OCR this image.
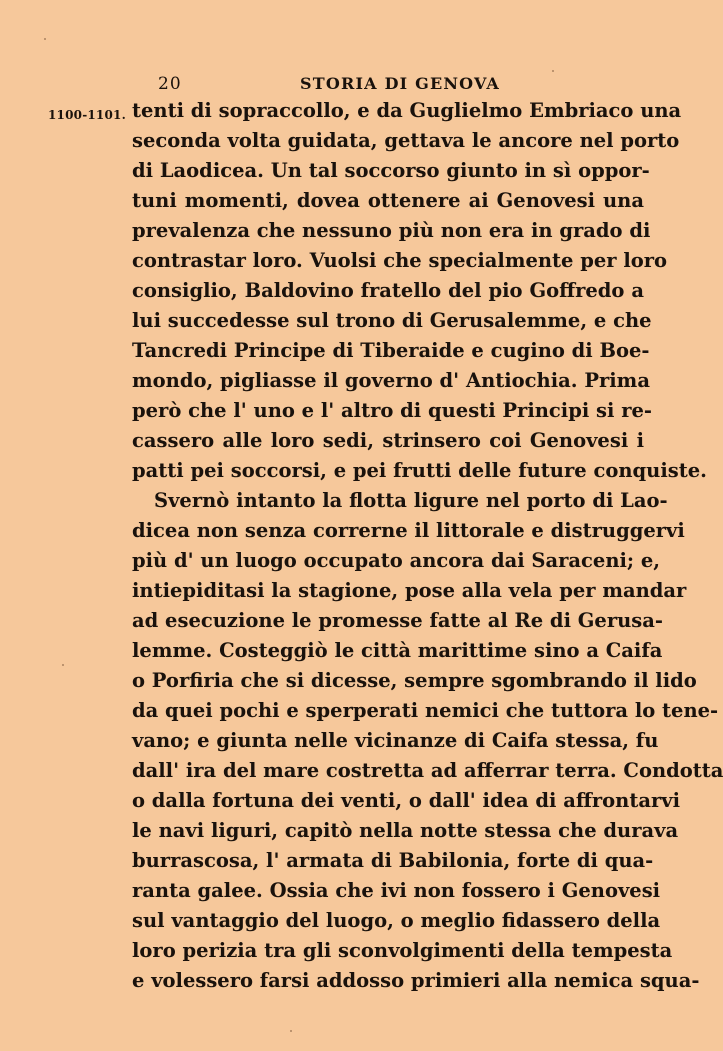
20	STORIA DI GENOVA
1100-1101. tenti di sopraccollo, e da Guglielmo Embriaco una
seconda volta guidata, gettava le ancore nel porto
di Laodicea. Un tal soccorso giunto in sì oppor-
tuni momenti, dovea ottenere ai Genovesi una
prevalenza che nessuno più non era in grado di
contrastar loro. Vuolsi che specialmente per loro
consiglio, Baldovino fratello del pio Goffredo a
lui succedesse sul trono di Gerusalemme, e che
Tancredi Principe di Tiberaide e cugino di Boe-
mondo, pigliasse il governo d' Antiochia. Prima
però che l' uno e l' altro di questi Principi si re-
cassero alle loro sedi, strinsero coi Genovesi i
patti pei soccorsi, e pei frutti delle future conquiste.
Svernò intanto la flotta ligure nel porto di Lao-
dicea non senza correrne il littorale e distruggervi
più d' un luogo occupato ancora dai Saraceni; e,
intiepiditasi la stagione, pose alla vela per mandar
ad esecuzione le promesse fatte al Re di Gerusa-
lemme. Costeggiò le città marittime sino a Caifa
o Porfiria che si dicesse, sempre sgombrando il lido
da quei pochi e sperperati nemici che tuttora lo tene-
vano; e giunta nelle vicinanze di Caifa stessa, fu
dall' ira del mare costretta ad afferrar terra. Condotta
o dalla fortuna dei venti, o dall' idea di affrontarvi
le navi liguri, capitò nella notte stessa che durava
burrascosa, l' armata di Babilonia, forte di qua-
ranta galee. Ossia che ivi non fossero i Genovesi
sul vantaggio del luogo, o meglio fidassero della
loro perizia tra gli sconvolgimenti della tempesta
e volessero farsi addosso primieri alla nemica squa-
